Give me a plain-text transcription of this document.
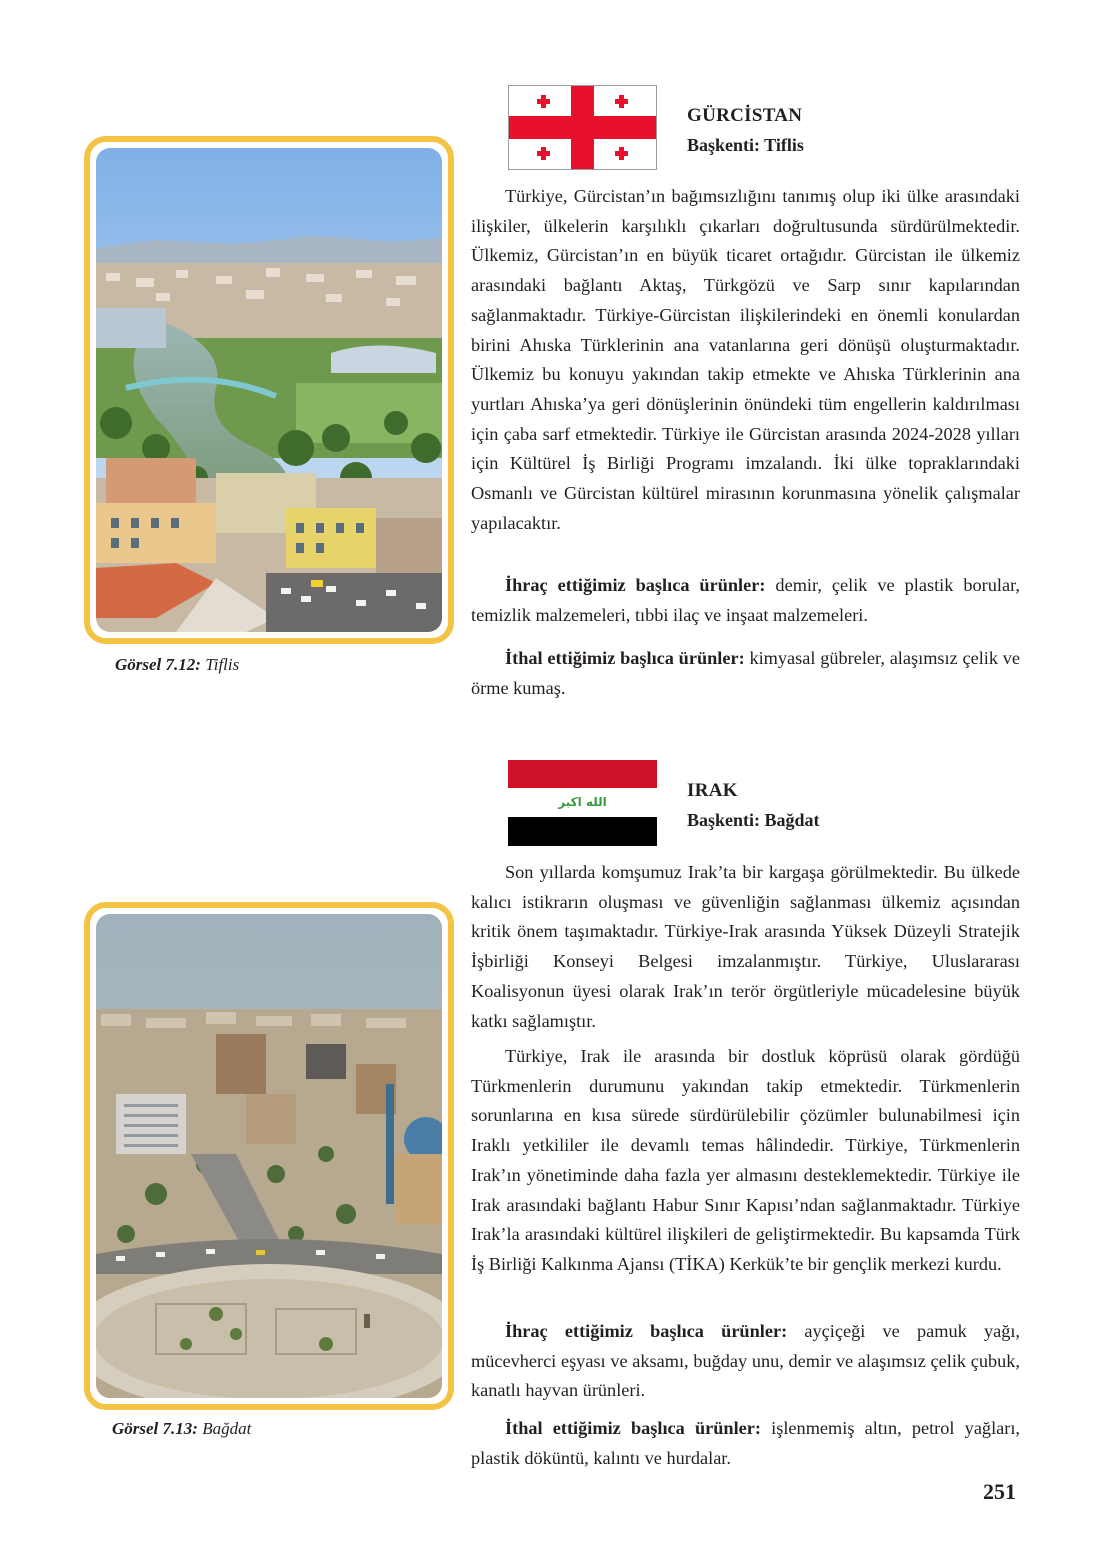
GÜRCİSTAN
Başkenti: Tiflis
Görsel 7.12: Tiflis
Türkiye, Gürcistan’ın bağımsızlığını tanımış olup iki ülke arasındaki ilişkiler, ülkelerin karşılıklı çıkarları doğrultusunda sürdürülmektedir. Ülkemiz, Gürcistan’ın en büyük ticaret ortağıdır. Gürcistan ile ülkemiz arasındaki bağlantı Aktaş, Türkgözü ve Sarp sınır kapılarından sağlanmaktadır. Türkiye-Gürcistan ilişkilerindeki en önemli konulardan birini Ahıska Türklerinin ana vatanlarına geri dönüşü oluşturmaktadır. Ülkemiz bu konuyu yakından takip etmekte ve Ahıska Türklerinin ana yurtları Ahıska’ya geri dönüşlerinin önündeki tüm engellerin kaldırılması için çaba sarf etmektedir. Türkiye ile Gürcistan arasında 2024-2028 yılları için Kültürel İş Birliği Programı imzalandı. İki ülke topraklarındaki Osmanlı ve Gürcistan kültürel mirasının korunmasına yönelik çalışmalar yapılacaktır.
İhraç ettiğimiz başlıca ürünler: demir, çelik ve plastik borular, temizlik malzemeleri, tıbbi ilaç ve inşaat malzemeleri.
İthal ettiğimiz başlıca ürünler: kimyasal gübreler, alaşımsız çelik ve örme kumaş.
الله اكبر
IRAK
Başkenti: Bağdat
Görsel 7.13: Bağdat
Son yıllarda komşumuz Irak’ta bir kargaşa görülmektedir. Bu ülkede kalıcı istikrarın oluşması ve güvenliğin sağlanması ülkemiz açısından kritik önem taşımaktadır. Türkiye-Irak arasında Yüksek Düzeyli Stratejik İşbirliği Konseyi Belgesi imzalanmıştır. Türkiye, Uluslararası Koalisyonun üyesi olarak Irak’ın terör örgütleriyle mücadelesine büyük katkı sağlamıştır.
Türkiye, Irak ile arasında bir dostluk köprüsü olarak gördüğü Türkmenlerin durumunu yakından takip etmektedir. Türkmenlerin sorunlarına en kısa sürede sürdürülebilir çözümler bulunabilmesi için Iraklı yetkililer ile devamlı temas hâlindedir. Türkiye, Türkmenlerin Irak’ın yönetiminde daha fazla yer almasını desteklemektedir. Türkiye ile Irak arasındaki bağlantı Habur Sınır Kapısı’ndan sağlanmaktadır. Türkiye Irak’la arasındaki kültürel ilişkileri de geliştirmektedir. Bu kapsamda Türk İş Birliği Kalkınma Ajansı (TİKA) Kerkük’te bir gençlik merkezi kurdu.
İhraç ettiğimiz başlıca ürünler: ayçiçeği ve pamuk yağı, mücevherci eşyası ve aksamı, buğday unu, demir ve alaşımsız çelik çubuk, kanatlı hayvan ürünleri.
İthal ettiğimiz başlıca ürünler: işlenmemiş altın, petrol yağları, plastik döküntü, kalıntı ve hurdalar.
251
